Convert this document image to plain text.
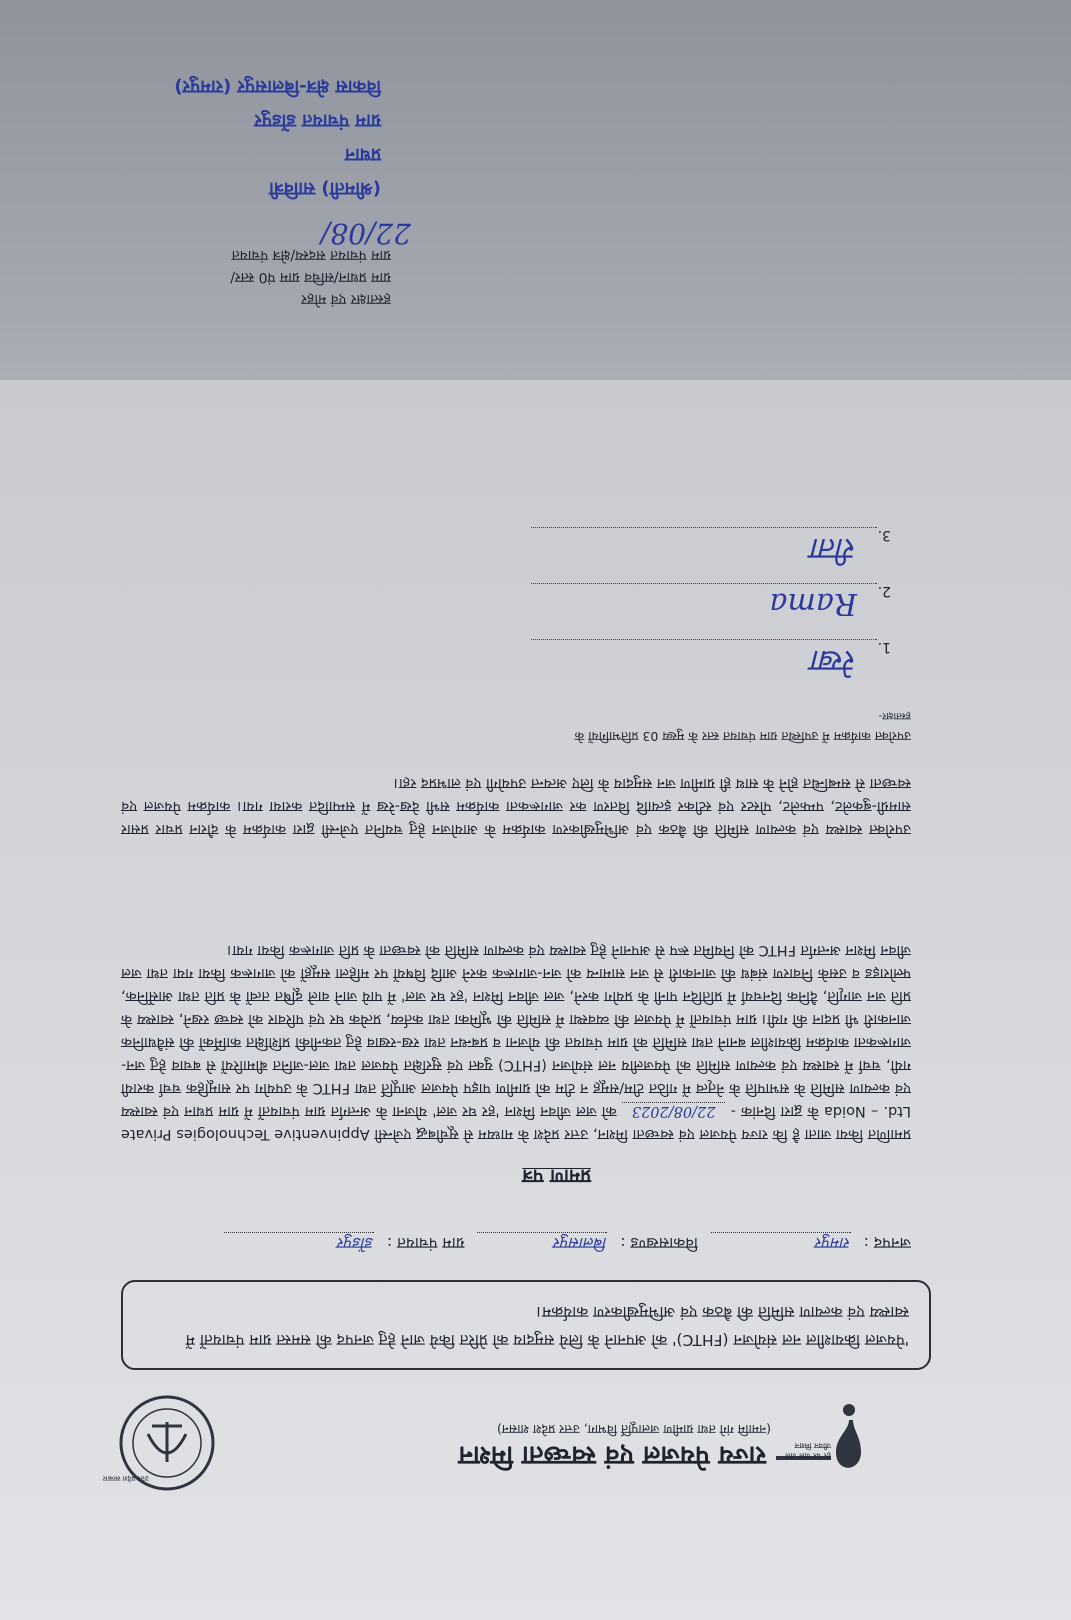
हर घर जल जल जीवन मिशन
राज्य पेयजल एवं स्वच्छता मिशन
(नमामि गंगे तथा ग्रामीण जलापूर्ति विभाग, उत्तर प्रदेश शासन)
उत्तर प्रदेश सरकार
'पेयजल क्रियाशील नल संयोजन (FHTC)' को अपनाने के लिये समुदाय को प्रेरित किये जाने हेतु जनपद की समस्त ग्राम पंचायतों में स्वास्थ्य एवं कल्याण समिति की बैठक एवं अभिमुखीकरण कार्यक्रम।
जनपद : रामपुर विकासखण्ड : बिलासपुर ग्राम पंचायत : डोंडपुर
प्रमाण पत्र
प्रमाणित किया जाता है कि राज्य पेयजल एवं स्वच्छता मिशन, उत्तर प्रदेश के माध्यम से सूचीबद्ध एजेन्सी Appinventive Technologies Private Ltd. – Noida के द्वारा दिनांक - 22/08/2023 को जल जीवन मिशन 'हर घर जल' योजना के अन्तर्गत ग्राम पंचायतों में ग्राम प्रधान एवं स्वास्थ्य एवं कल्याण समिति के सभापति के नेतृत्व में गठित टीम/समूह न टीम को ग्रामीण पाइप पेयजल आपूर्ति तथा FHTC के उपयोग पर सामूहिक चर्चा करायी गयी, चर्चा में स्वास्थ्य एवं कल्याण समिति को पेयजलीय नल संयोजन (FHTC) युक्त एवं सुरक्षित पेयजल तथा जल-जनित बीमारियों से बचाव हेतु जन-जागरूकता कार्यक्रम क्रियाशील बनाने तथा समिति को ग्राम पंचायत की योजना व प्रबन्धन तथा रख-रखाव हेतु तकनीकी प्रशिक्षित कार्मिकों की संवैधानिक जानकारी भी प्रदान की गयी। ग्राम पंचायतों में पेयजल की व्यवस्था में समिति की भूमिका तथा कर्तव्य, प्रत्येक घर एवं परिवार को स्वच्छ रखने, स्वास्थ्य के प्रति जन जागृति, दैनिक दिनचर्या में प्रतिदिन पानी के प्रयोग करने, जल जीवन मिशन 'हर घर जल' में पाये जाने वाले दूषित तत्वों के प्रति तथा आर्सेनिक, फ्लोराइड व उसके निवारण संबंध की जानकारी से जन सामान्य को जन-जागरूक करने आदि विषयों पर महिला समूहों को जागरूक किया गया तथा जल जीवन मिशन अन्तर्गत FHTC को नियमित रूप से अपनाने हेतु स्वास्थ्य एवं कल्याण समिति को स्वच्छता के प्रति जागरूक किया गया।
उपरोक्त स्वास्थ्य एवं कल्याण समिति की बैठक एवं अभिमुखीकरण कार्यक्रम के आयोजन हेतु चयनित एजेन्सी द्वारा कार्यक्रम के दौरान प्रचार प्रसार सामग्री-बुकलेट, पम्फलेट, पोस्टर एवं स्टीकर इत्यादि वितरण कर जागरूकता कार्यक्रम सभी देख-रेख में सम्पादित कराया गया। कार्यक्रम पेयजल एवं स्वच्छता से सम्बन्धित होने के साथ ही ग्रामीण जन समुदाय के लिए अत्यन्त उपयोगी एवं लाभप्रद रहा।
उपरोक्त कार्यक्रम में उपस्थित ग्राम पंचायत स्तर के मुख्य 03 प्रतिभागियों के
हस्ताक्षर-
1.
रेखा
2.
Rama
3.
रीता
हस्ताक्षर एवं मोहर
ग्राम प्रधान/सचिव ग्राम पं0 स्तर/
ग्राम पंचायत सदस्य/क्षेत्र पंचायत
22/08/
(श्रीमती) सावित्री
प्रधान
ग्राम पंचायत डोंडपुर
विकास क्षेत्र-बिलासपुर (रामपुर)
